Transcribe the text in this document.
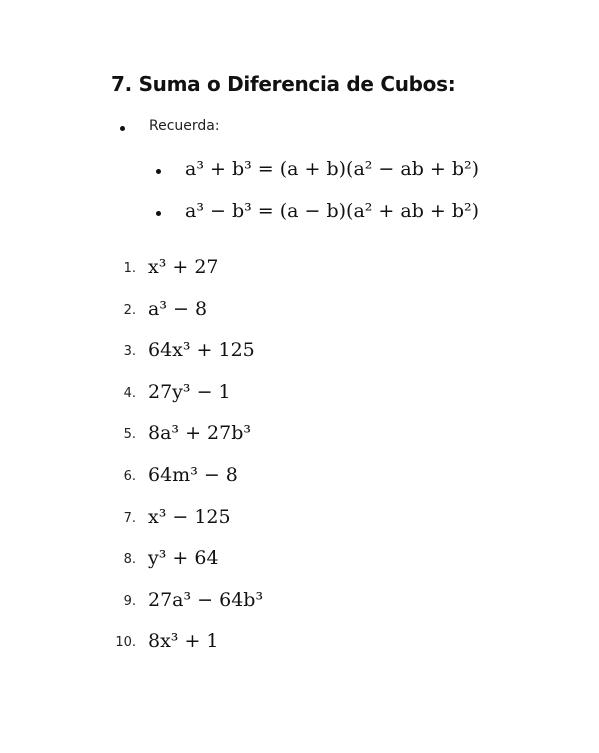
7. Suma o Diferencia de Cubos:
Recuerda:
a³ + b³ = (a + b)(a² − ab + b²)
a³ − b³ = (a − b)(a² + ab + b²)
1. x³ + 27
2. a³ − 8
3. 64x³ + 125
4. 27y³ − 1
5. 8a³ + 27b³
6. 64m³ − 8
7. x³ − 125
8. y³ + 64
9. 27a³ − 64b³
10. 8x³ + 1
